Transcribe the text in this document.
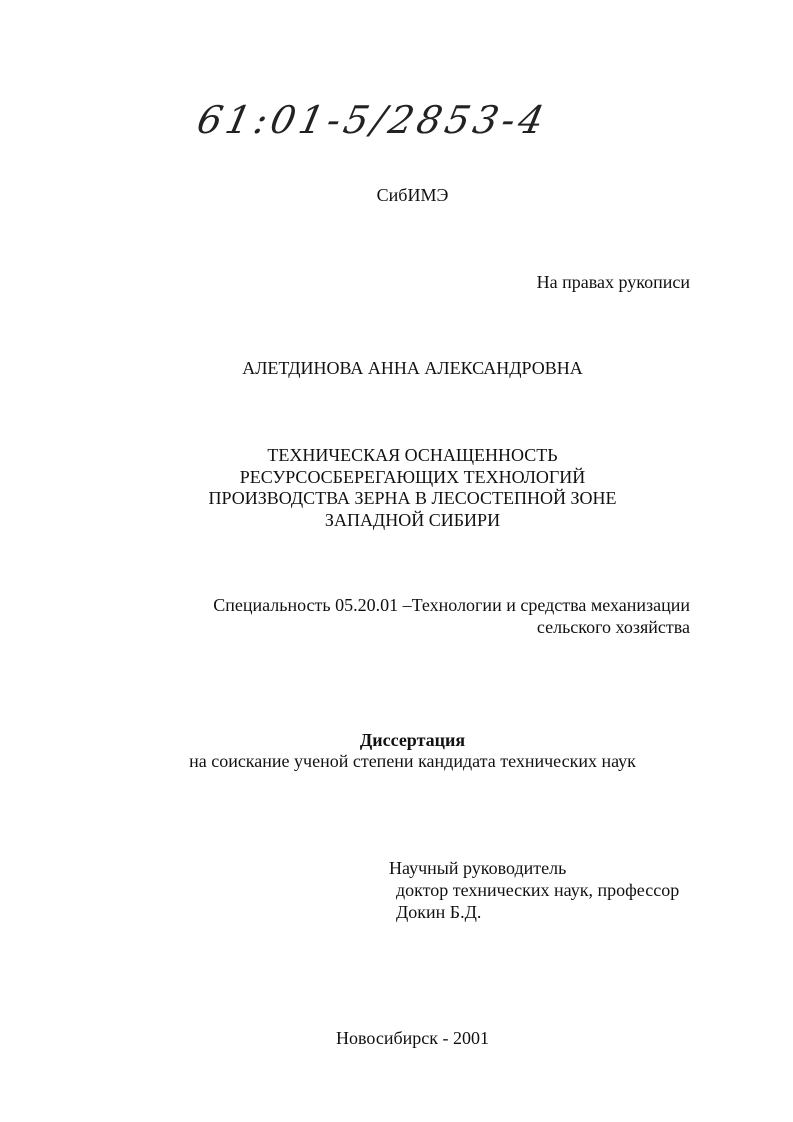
61:01-5/2853-4
СибИМЭ
На правах рукописи
АЛЕТДИНОВА АННА АЛЕКСАНДРОВНА
ТЕХНИЧЕСКАЯ ОСНАЩЕННОСТЬ
РЕСУРСОСБЕРЕГАЮЩИХ ТЕХНОЛОГИЙ
ПРОИЗВОДСТВА ЗЕРНА В ЛЕСОСТЕПНОЙ ЗОНЕ
ЗАПАДНОЙ СИБИРИ
Специальность 05.20.01 –Технологии и средства механизации
сельского хозяйства
Диссертация
на соискание ученой степени кандидата технических наук
Научный руководитель
доктор технических наук, профессор
Докин Б.Д.
Новосибирск - 2001
